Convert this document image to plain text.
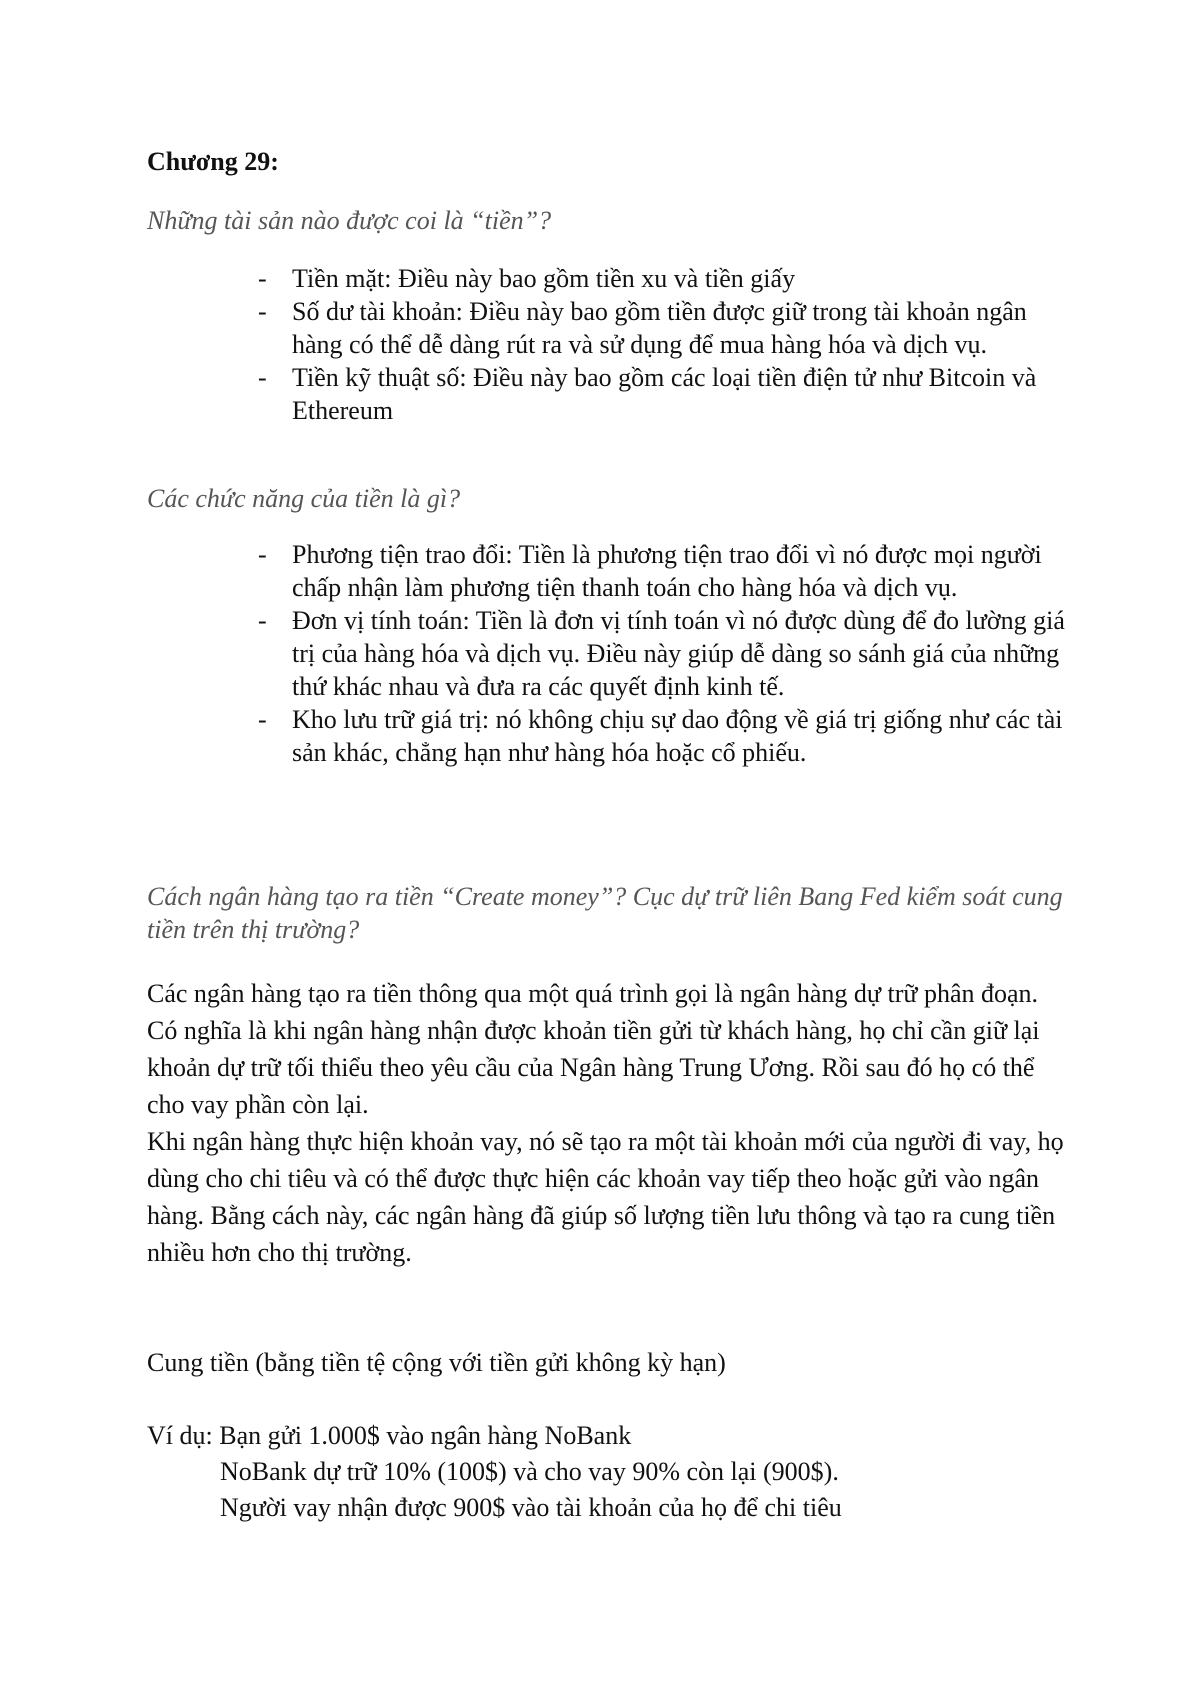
Chương 29:

Những tài sản nào được coi là “tiền”?

- Tiền mặt: Điều này bao gồm tiền xu và tiền giấy
- Số dư tài khoản: Điều này bao gồm tiền được giữ trong tài khoản ngân hàng có thể dễ dàng rút ra và sử dụng để mua hàng hóa và dịch vụ.
- Tiền kỹ thuật số: Điều này bao gồm các loại tiền điện tử như Bitcoin và Ethereum

Các chức năng của tiền là gì?

- Phương tiện trao đổi: Tiền là phương tiện trao đổi vì nó được mọi người chấp nhận làm phương tiện thanh toán cho hàng hóa và dịch vụ.
- Đơn vị tính toán: Tiền là đơn vị tính toán vì nó được dùng để đo lường giá trị của hàng hóa và dịch vụ. Điều này giúp dễ dàng so sánh giá của những thứ khác nhau và đưa ra các quyết định kinh tế.
- Kho lưu trữ giá trị: nó không chịu sự dao động về giá trị giống như các tài sản khác, chẳng hạn như hàng hóa hoặc cổ phiếu.

Cách ngân hàng tạo ra tiền “Create money”? Cục dự trữ liên Bang Fed kiểm soát cung tiền trên thị trường?

Các ngân hàng tạo ra tiền thông qua một quá trình gọi là ngân hàng dự trữ phân đoạn.

Có nghĩa là khi ngân hàng nhận được khoản tiền gửi từ khách hàng, họ chỉ cần giữ lại khoản dự trữ tối thiểu theo yêu cầu của Ngân hàng Trung Ương. Rồi sau đó họ có thể cho vay phần còn lại.

Khi ngân hàng thực hiện khoản vay, nó sẽ tạo ra một tài khoản mới của người đi vay, họ dùng cho chi tiêu và có thể được thực hiện các khoản vay tiếp theo hoặc gửi vào ngân hàng. Bằng cách này, các ngân hàng đã giúp số lượng tiền lưu thông và tạo ra cung tiền nhiều hơn cho thị trường.

Cung tiền (bằng tiền tệ cộng với tiền gửi không kỳ hạn)

Ví dụ: Bạn gửi 1.000$ vào ngân hàng NoBank
NoBank dự trữ 10% (100$) và cho vay 90% còn lại (900$).
Người vay nhận được 900$ vào tài khoản của họ để chi tiêu
